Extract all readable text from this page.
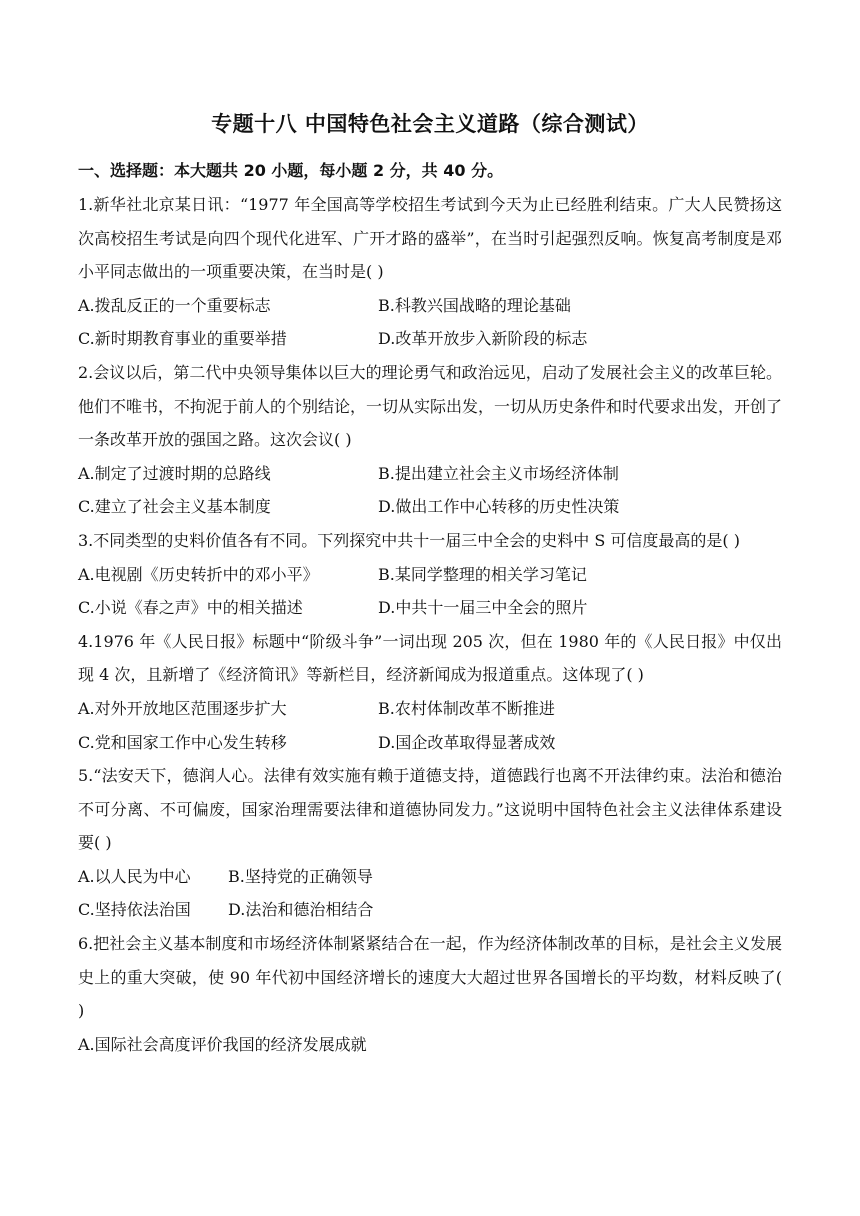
专题十八 中国特色社会主义道路（综合测试）
一、选择题：本大题共 20 小题，每小题 2 分，共 40 分。

1.新华社北京某日讯：“1977 年全国高等学校招生考试到今天为止已经胜利结束。广大人民赞扬这次高校招生考试是向四个现代化进军、广开才路的盛举”，在当时引起强烈反响。恢复高考制度是邓小平同志做出的一项重要决策，在当时是( )

A.拨乱反正的一个重要标志	B.科教兴国战略的理论基础
C.新时期教育事业的重要举措	D.改革开放步入新阶段的标志

2.会议以后，第二代中央领导集体以巨大的理论勇气和政治远见，启动了发展社会主义的改革巨轮。他们不唯书，不拘泥于前人的个别结论，一切从实际出发，一切从历史条件和时代要求出发，开创了一条改革开放的强国之路。这次会议( )

A.制定了过渡时期的总路线	B.提出建立社会主义市场经济体制
C.建立了社会主义基本制度	D.做出工作中心转移的历史性决策

3.不同类型的史料价值各有不同。下列探究中共十一届三中全会的史料中 S 可信度最高的是( )

A.电视剧《历史转折中的邓小平》	B.某同学整理的相关学习笔记
C.小说《春之声》中的相关描述	D.中共十一届三中全会的照片

4.1976 年《人民日报》标题中“阶级斗争”一词出现 205 次，但在 1980 年的《人民日报》中仅出现 4 次，且新增了《经济简讯》等新栏目，经济新闻成为报道重点。这体现了( )

A.对外开放地区范围逐步扩大	B.农村体制改革不断推进
C.党和国家工作中心发生转移	D.国企改革取得显著成效

5.“法安天下，德润人心。法律有效实施有赖于道德支持，道德践行也离不开法律约束。法治和德治不可分离、不可偏废，国家治理需要法律和道德协同发力。”这说明中国特色社会主义法律体系建设要( )

A.以人民为中心	B.坚持党的正确领导
C.坚持依法治国	D.法治和德治相结合

6.把社会主义基本制度和市场经济体制紧紧结合在一起，作为经济体制改革的目标，是社会主义发展史上的重大突破，使 90 年代初中国经济增长的速度大大超过世界各国增长的平均数，材料反映了( )

A.国际社会高度评价我国的经济发展成就
